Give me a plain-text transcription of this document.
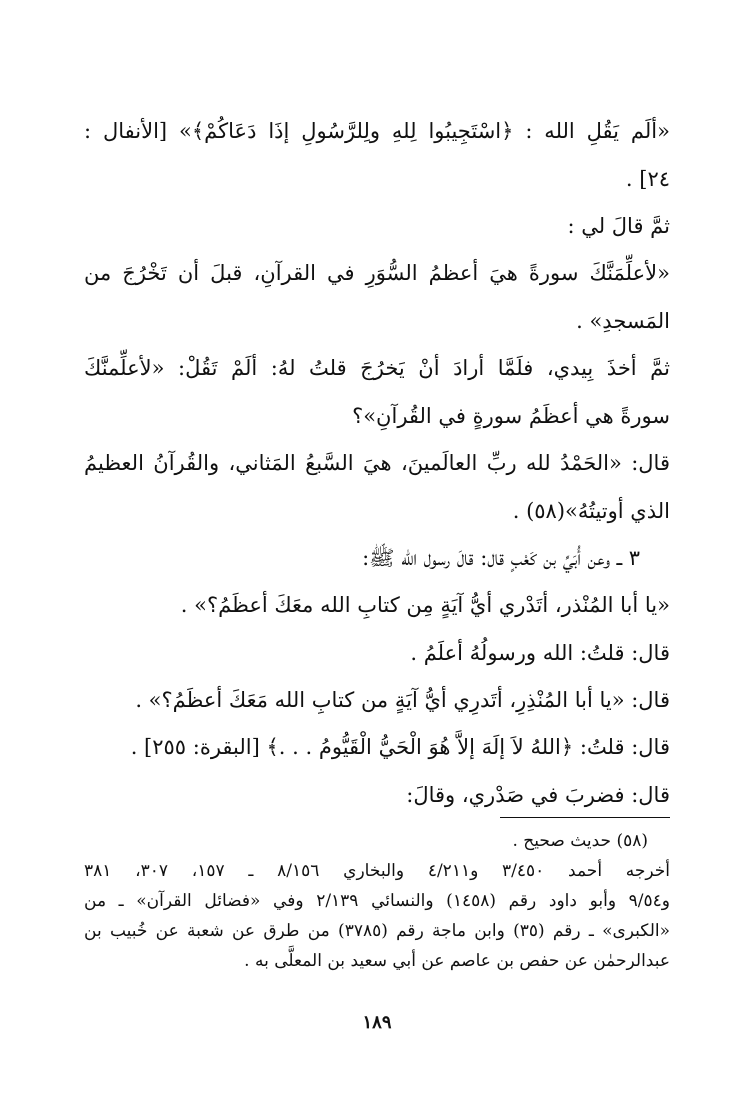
«ألَم يَقُلِ الله : ﴿اسْتَجِيبُوا لِلهِ ولِلرَّسُولِ إذَا دَعَاكُمْ﴾» [الأنفال :

٢٤] .

ثمَّ قالَ لي :

«لأعلِّمَنَّكَ سورةً هيَ أعظمُ السُّوَرِ في القرآنِ، قبلَ أن تَخْرُجَ من

المَسجدِ» .

ثمَّ أخذَ بِيدي، فلَمَّا أرادَ أنْ يَخرُجَ قلتُ لهُ: ألَمْ تَقُلْ: «لأعلِّمنَّكَ

سورةً هي أعظَمُ سورةٍ في القُرآنِ»؟

قال: «الحَمْدُ لله ربِّ العالَمينَ، هيَ السَّبعُ المَثاني، والقُرآنُ العظيمُ

الذي أوتيتُهُ»(٥٨) .

٣ ــ وعن أُبَيِّ بن كَعْبٍ قال: قالَ رسول الله ﷺ:

«يا أبا المُنْذر، أتَدْري أيُّ آيَةٍ مِن كتابِ الله معَكَ أعظَمُ؟» .

قال: قلتُ: الله ورسولُهُ أعلَمُ .

قال: «يا أبا المُنْذِرِ، أتَدرِي أيُّ آيَةٍ من كتابِ الله مَعَكَ أعظَمُ؟» .

قال: قلتُ: ﴿اللهُ لاَ إلَهَ إلاَّ هُوَ الْحَيُّ الْقَيُّومُ . . .﴾ [البقرة: ٢٥٥] .

قال: فضربَ في صَدْري، وقالَ:

(٥٨) حديث صحيح .

أخرجه أحمد ٣/٤٥٠ و٤/٢١١ والبخاري ٨/١٥٦ ـ ١٥٧، ٣٠٧، ٣٨١

و٩/٥٤ وأبو داود رقم (١٤٥٨) والنسائي ٢/١٣٩ وفي «فضائل القرآن» ـ من

«الكبرى» ـ رقم (٣٥) وابن ماجة رقم (٣٧٨٥) من طرق عن شعبة عن خُبيب بن

عبدالرحمٰن عن حفص بن عاصم عن أبي سعيد بن المعلَّى به .

١٨٩
